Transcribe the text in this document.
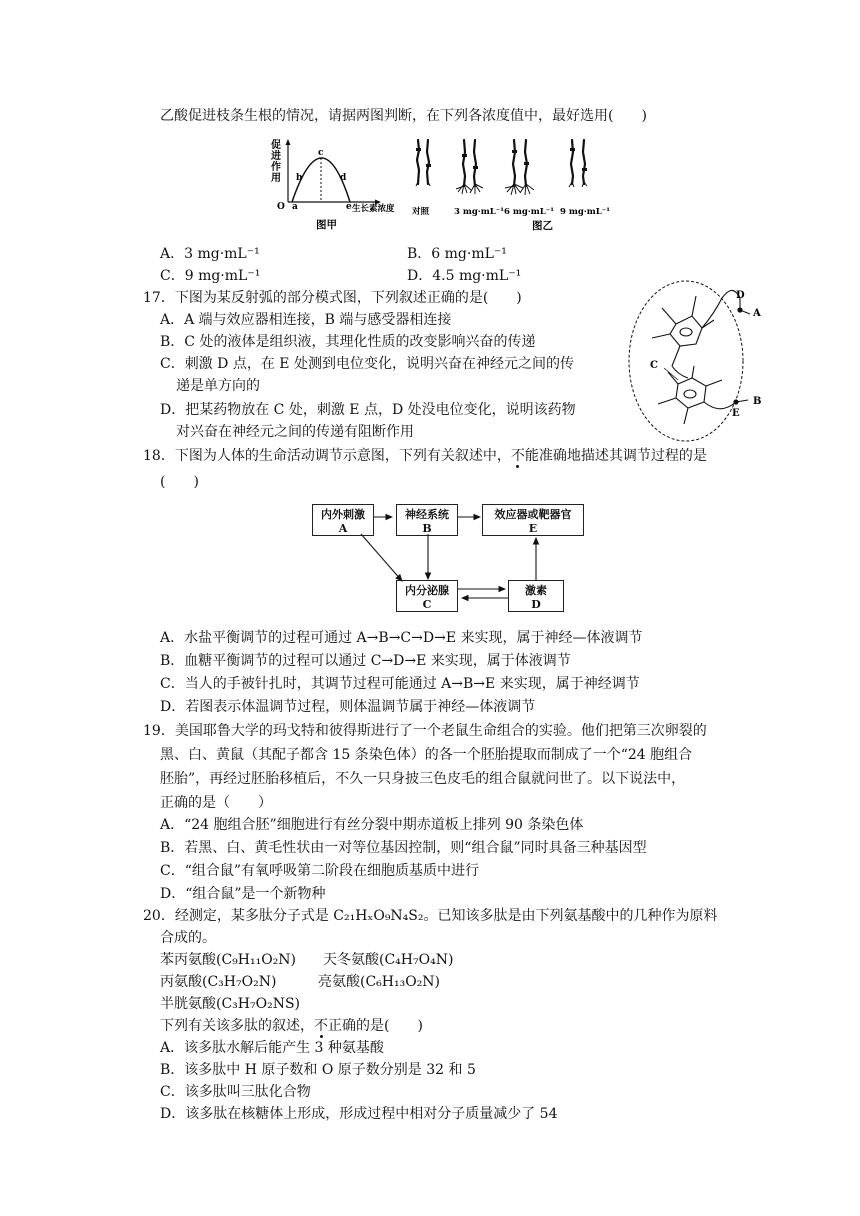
乙酸促进枝条生根的情况，请据两图判断，在下列各浓度值中，最好选用(　　)
促
进
作
用
O a
b
c
d
e 生长素浓度
图甲
对照	3 mg·mL⁻¹ 6 mg·mL⁻¹ 9 mg·mL⁻¹
图乙
A．3 mg·mL⁻¹	B．6 mg·mL⁻¹
C．9 mg·mL⁻¹	D．4.5 mg·mL⁻¹
17．下图为某反射弧的部分模式图，下列叙述正确的是(　　)
A．A 端与效应器相连接，B 端与感受器相连接
B．C 处的液体是组织液，其理化性质的改变影响兴奋的传递
C．刺激 D 点，在 E 处测到电位变化，说明兴奋在神经元之间的传
递是单方向的
D．把某药物放在 C 处，刺激 E 点，D 处没电位变化，说明该药物
对兴奋在神经元之间的传递有阻断作用
D
A
C
E
B
18．下图为人体的生命活动调节示意图，下列有关叙述中，不能准确地描述其调节过程的是
(　　)
内外刺激
A
神经系统
B
效应器或靶器官
E
内分泌腺
C
激素
D
A．水盐平衡调节的过程可通过 A→B→C→D→E 来实现，属于神经—体液调节
B．血糖平衡调节的过程可以通过 C→D→E 来实现，属于体液调节
C．当人的手被针扎时，其调节过程可能通过 A→B→E 来实现，属于神经调节
D．若图表示体温调节过程，则体温调节属于神经—体液调节
19．美国耶鲁大学的玛戈特和彼得斯进行了一个老鼠生命组合的实验。他们把第三次卵裂的
黑、白、黄鼠（其配子都含 15 条染色体）的各一个胚胎提取而制成了一个“24 胞组合
胚胎”，再经过胚胎移植后，不久一只身披三色皮毛的组合鼠就问世了。以下说法中，
正确的是（　　）
A．“24 胞组合胚”细胞进行有丝分裂中期赤道板上排列 90 条染色体
B．若黑、白、黄毛性状由一对等位基因控制，则“组合鼠”同时具备三种基因型
C．“组合鼠”有氧呼吸第二阶段在细胞质基质中进行
D．“组合鼠”是一个新物种
20．经测定，某多肽分子式是 C₂₁HₓO₉N₄S₂。已知该多肽是由下列氨基酸中的几种作为原料
合成的。
苯丙氨酸(C₉H₁₁O₂N) 天冬氨酸(C₄H₇O₄N)
丙氨酸(C₃H₇O₂N)	亮氨酸(C₆H₁₃O₂N)
半胱氨酸(C₃H₇O₂NS)
下列有关该多肽的叙述，不正确的是(　　)
A．该多肽水解后能产生 3 种氨基酸
B．该多肽中 H 原子数和 O 原子数分别是 32 和 5
C．该多肽叫三肽化合物
D．该多肽在核糖体上形成，形成过程中相对分子质量减少了 54
